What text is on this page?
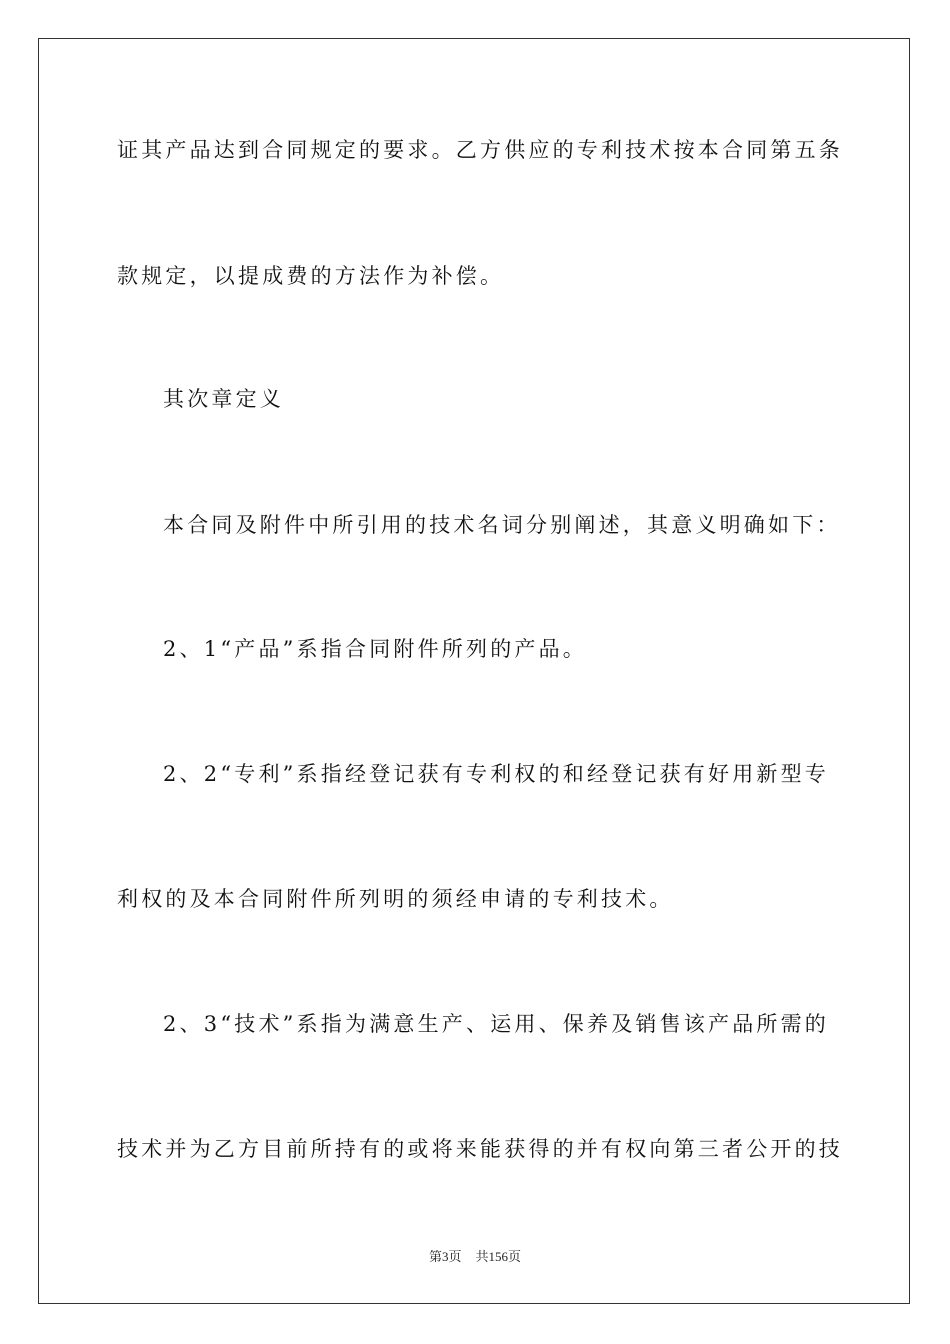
证其产品达到合同规定的要求。乙方供应的专利技术按本合同第五条
款规定，以提成费的方法作为补偿。
其次章定义
本合同及附件中所引用的技术名词分别阐述，其意义明确如下：
2、1“产品”系指合同附件所列的产品。
2、2“专利”系指经登记获有专利权的和经登记获有好用新型专
利权的及本合同附件所列明的须经申请的专利技术。
2、3“技术”系指为满意生产、运用、保养及销售该产品所需的
技术并为乙方目前所持有的或将来能获得的并有权向第三者公开的技
第3页 共156页
